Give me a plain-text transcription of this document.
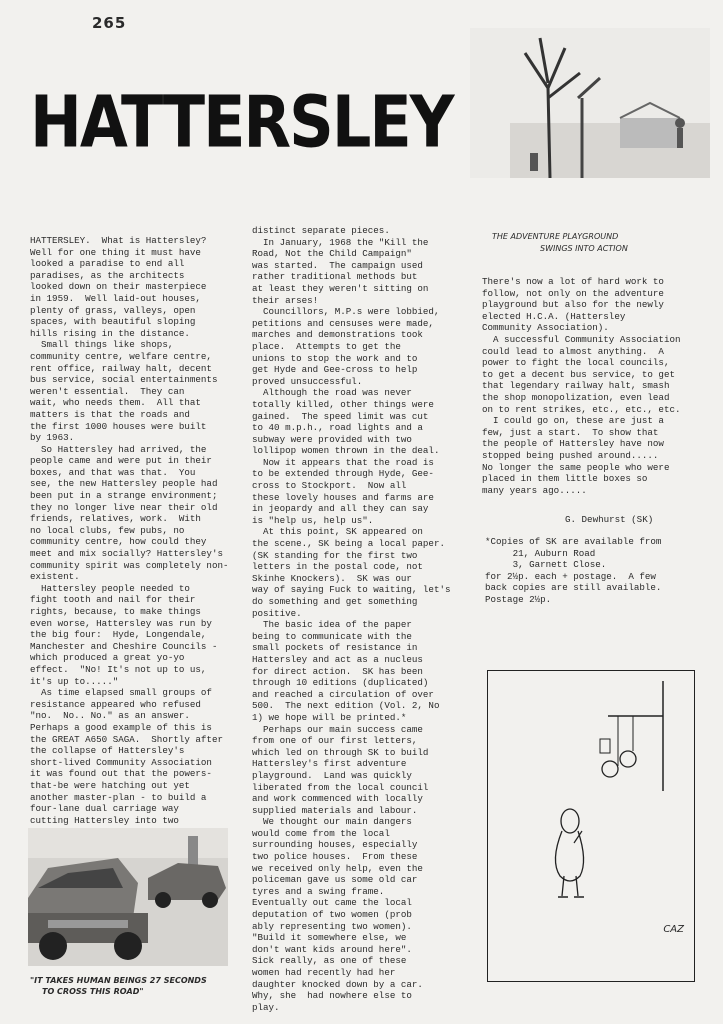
265
HATTERSLEY
HATTERSLEY.  What is Hattersley?
Well for one thing it must have
looked a paradise to end all
paradises, as the architects
looked down on their masterpiece
in 1959.  Well laid-out houses,
plenty of grass, valleys, open
spaces, with beautiful sloping
hills rising in the distance.
Small things like shops,
community centre, welfare centre,
rent office, railway halt, decent
bus service, social entertainments
weren't essential.  They can
wait, who needs them.  All that
matters is that the roads and
the first 1000 houses were built
by 1963.
So Hattersley had arrived, the
people came and were put in their
boxes, and that was that.  You
see, the new Hattersley people had
been put in a strange environment;
they no longer live near their old
friends, relatives, work.  With
no local clubs, few pubs, no
community centre, how could they
meet and mix socially? Hattersley's
community spirit was completely non-
existent.
Hattersley people needed to
fight tooth and nail for their
rights, because, to make things
even worse, Hattersley was run by
the big four:  Hyde, Longendale,
Manchester and Cheshire Councils -
which produced a great yo-yo
effect.  "No! It's not up to us,
it's up to....."
As time elapsed small groups of
resistance appeared who refused
"no.  No.. No." as an answer.
Perhaps a good example of this is
the GREAT A650 SAGA.  Shortly after
the collapse of Hattersley's
short-lived Community Association
it was found out that the powers-
that-be were hatching out yet
another master-plan - to build a
four-lane dual carriage way
cutting Hattersley into two
distinct separate pieces.
In January, 1968 the "Kill the
Road, Not the Child Campaign"
was started.  The campaign used
rather traditional methods but
at least they weren't sitting on
their arses!
Councillors, M.P.s were lobbied,
petitions and censuses were made,
marches and demonstrations took
place.  Attempts to get the
unions to stop the work and to
get Hyde and Gee-cross to help
proved unsuccessful.
Although the road was never
totally killed, other things were
gained.  The speed limit was cut
to 40 m.p.h., road lights and a
subway were provided with two
lollipop women thrown in the deal.
Now it appears that the road is
to be extended through Hyde, Gee-
cross to Stockport.  Now all
these lovely houses and farms are
in jeopardy and all they can say
is "help us, help us".
At this point, SK appeared on
the scene., SK being a local paper.
(SK standing for the first two
letters in the postal code, not
Skinhe Knockers).  SK was our
way of saying Fuck to waiting, let's
do something and get something
positive.
The basic idea of the paper
being to communicate with the
small pockets of resistance in
Hattersley and act as a nucleus
for direct action.  SK has been
through 10 editions (duplicated)
and reached a circulation of over
500.  The next edition (Vol. 2, No
1) we hope will be printed.*
Perhaps our main success came
from one of our first letters,
which led on through SK to build
Hattersley's first adventure
playground.  Land was quickly
liberated from the local council
and work commenced with locally
supplied materials and labour.
We thought our main dangers
would come from the local
surrounding houses, especially
two police houses.  From these
we received only help, even the
policeman gave us some old car
tyres and a swing frame.
Eventually out came the local
deputation of two women (prob
ably representing two women).
"Build it somewhere else, we
don't want kids around here".
Sick really, as one of these
women had recently had her
daughter knocked down by a car.
Why, she  had nowhere else to
play.
THE ADVENTURE PLAYGROUND
SWINGS INTO ACTION
There's now a lot of hard work to
follow, not only on the adventure
playground but also for the newly
elected H.C.A. (Hattersley
Community Association).
A successful Community Association
could lead to almost anything.  A
power to fight the local councils,
to get a decent bus service, to get
that legendary railway halt, smash
the shop monopolization, even lead
on to rent strikes, etc., etc., etc.
I could go on, these are just a
few, just a start.  To show that
the people of Hattersley have now
stopped being pushed around.....
No longer the same people who were
placed in them little boxes so
many years ago.....
G. Dewhurst (SK)
*Copies of SK are available from
21, Auburn Road
3, Garnett Close.
for 2½p. each + postage.  A few
back copies are still available.
Postage 2½p.
CAZ
"IT TAKES HUMAN BEINGS 27 SECONDS
TO CROSS THIS ROAD"
